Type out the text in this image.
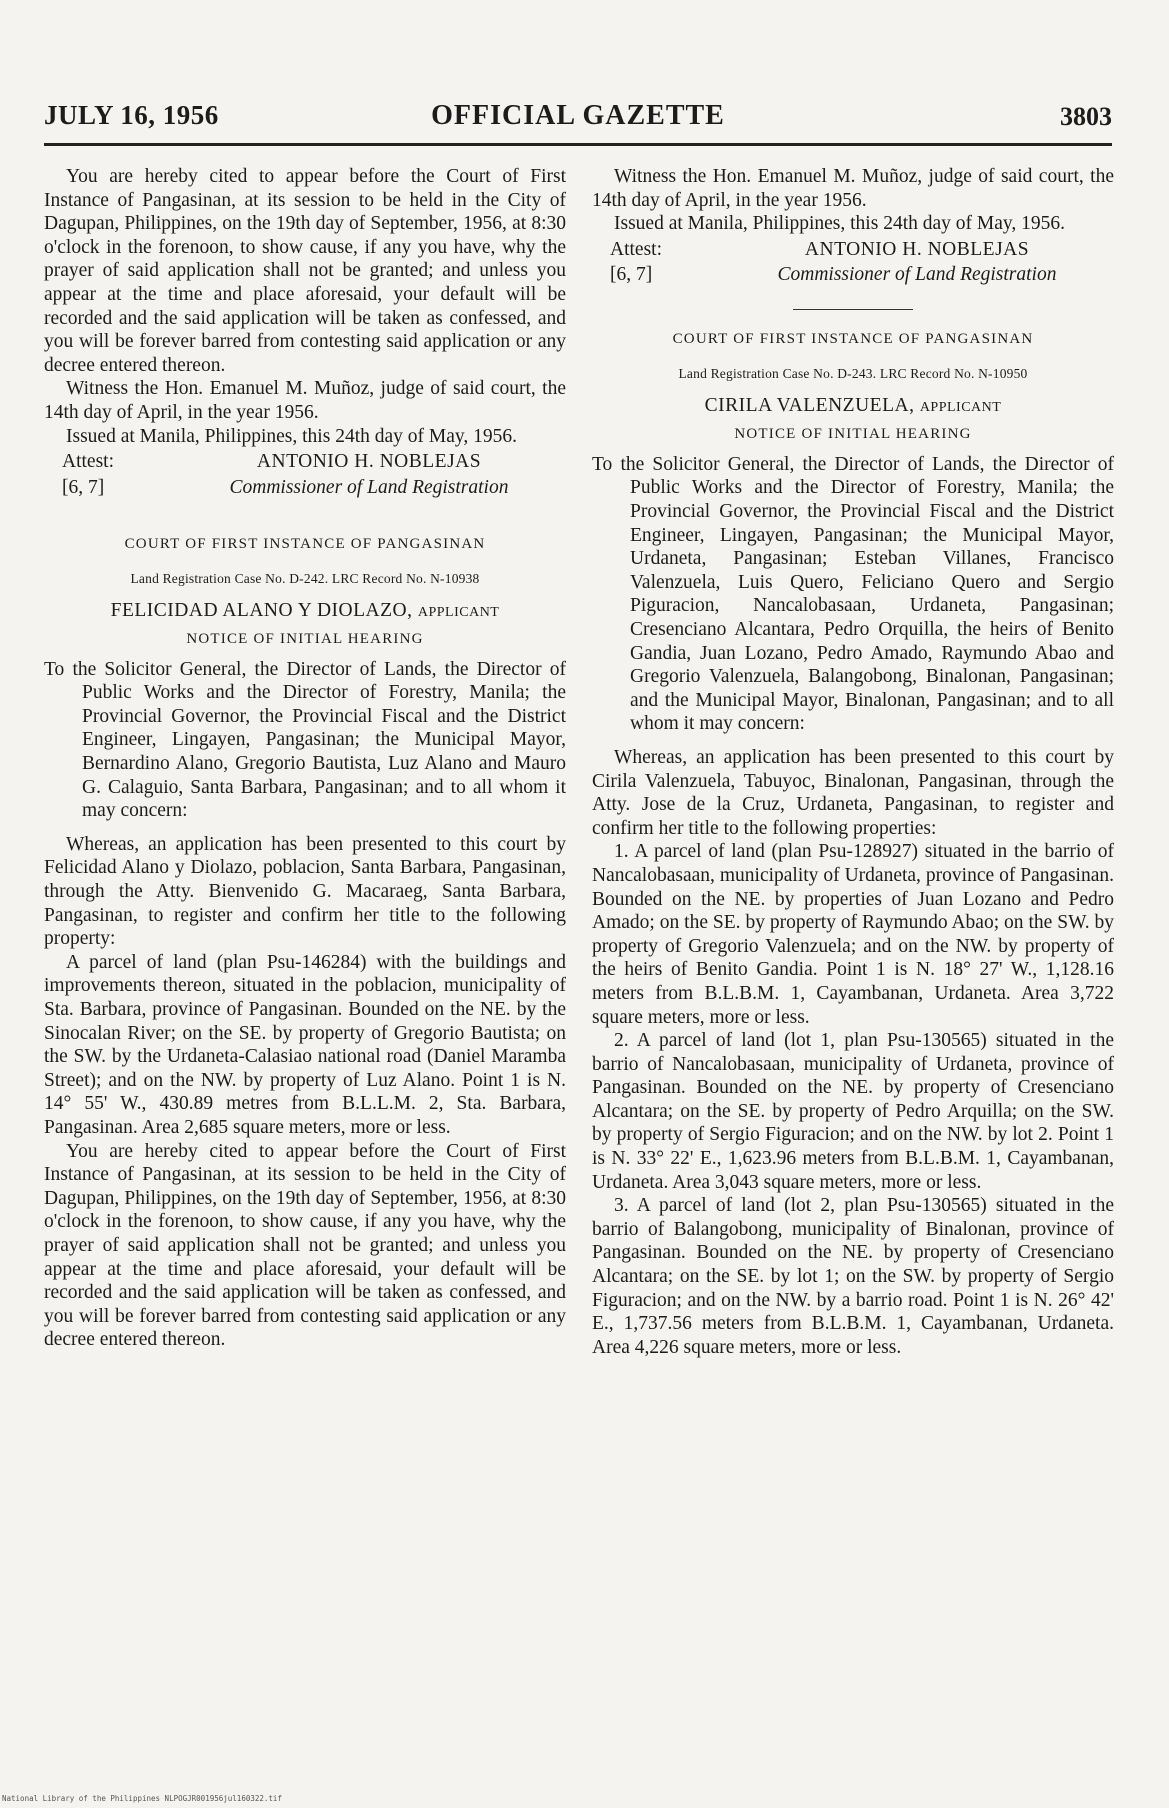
JULY 16, 1956	OFFICIAL GAZETTE	3803

You are hereby cited to appear before the Court of First Instance of Pangasinan, at its session to be held in the City of Dagupan, Philippines, on the 19th day of September, 1956, at 8:30 o'clock in the forenoon, to show cause, if any you have, why the prayer of said application shall not be granted; and unless you appear at the time and place aforesaid, your default will be recorded and the said application will be taken as confessed, and you will be forever barred from contesting said application or any decree entered thereon.

Witness the Hon. Emanuel M. Muñoz, judge of said court, the 14th day of April, in the year 1956.

Issued at Manila, Philippines, this 24th day of May, 1956.

Attest:	ANTONIO H. NOBLEJAS
[6, 7]	Commissioner of Land Registration
COURT OF FIRST INSTANCE OF PANGASINAN
Land Registration Case No. D-242. LRC Record No. N-10938
FELICIDAD ALANO Y DIOLAZO, applicant
NOTICE OF INITIAL HEARING

To the Solicitor General, the Director of Lands, the Director of Public Works and the Director of Forestry, Manila; the Provincial Governor, the Provincial Fiscal and the District Engineer, Lingayen, Pangasinan; the Municipal Mayor, Bernardino Alano, Gregorio Bautista, Luz Alano and Mauro G. Calaguio, Santa Barbara, Pangasinan; and to all whom it may concern:

Whereas, an application has been presented to this court by Felicidad Alano y Diolazo, poblacion, Santa Barbara, Pangasinan, through the Atty. Bienvenido G. Macaraeg, Santa Barbara, Pangasinan, to register and confirm her title to the following property:

A parcel of land (plan Psu-146284) with the buildings and improvements thereon, situated in the poblacion, municipality of Sta. Barbara, province of Pangasinan. Bounded on the NE. by the Sinocalan River; on the SE. by property of Gregorio Bautista; on the SW. by the Urdaneta-Calasiao national road (Daniel Maramba Street); and on the NW. by property of Luz Alano. Point 1 is N. 14° 55' W., 430.89 metres from B.L.L.M. 2, Sta. Barbara, Pangasinan. Area 2,685 square meters, more or less.

You are hereby cited to appear before the Court of First Instance of Pangasinan, at its session to be held in the City of Dagupan, Philippines, on the 19th day of September, 1956, at 8:30 o'clock in the forenoon, to show cause, if any you have, why the prayer of said application shall not be granted; and unless you appear at the time and place aforesaid, your default will be recorded and the said application will be taken as confessed, and you will be forever barred from contesting said application or any decree entered thereon.

Witness the Hon. Emanuel M. Muñoz, judge of said court, the 14th day of April, in the year 1956.

Issued at Manila, Philippines, this 24th day of May, 1956.

Attest:	ANTONIO H. NOBLEJAS
[6, 7]	Commissioner of Land Registration
COURT OF FIRST INSTANCE OF PANGASINAN
Land Registration Case No. D-243. LRC Record No. N-10950
CIRILA VALENZUELA, applicant
NOTICE OF INITIAL HEARING

To the Solicitor General, the Director of Lands, the Director of Public Works and the Director of Forestry, Manila; the Provincial Governor, the Provincial Fiscal and the District Engineer, Lingayen, Pangasinan; the Municipal Mayor, Urdaneta, Pangasinan; Esteban Villanes, Francisco Valenzuela, Luis Quero, Feliciano Quero and Sergio Piguracion, Nancalobasaan, Urdaneta, Pangasinan; Cresenciano Alcantara, Pedro Orquilla, the heirs of Benito Gandia, Juan Lozano, Pedro Amado, Raymundo Abao and Gregorio Valenzuela, Balangobong, Binalonan, Pangasinan; and the Municipal Mayor, Binalonan, Pangasinan; and to all whom it may concern:

Whereas, an application has been presented to this court by Cirila Valenzuela, Tabuyoc, Binalonan, Pangasinan, through the Atty. Jose de la Cruz, Urdaneta, Pangasinan, to register and confirm her title to the following properties:

1. A parcel of land (plan Psu-128927) situated in the barrio of Nancalobasaan, municipality of Urdaneta, province of Pangasinan. Bounded on the NE. by properties of Juan Lozano and Pedro Amado; on the SE. by property of Raymundo Abao; on the SW. by property of Gregorio Valenzuela; and on the NW. by property of the heirs of Benito Gandia. Point 1 is N. 18° 27' W., 1,128.16 meters from B.L.B.M. 1, Cayambanan, Urdaneta. Area 3,722 square meters, more or less.

2. A parcel of land (lot 1, plan Psu-130565) situated in the barrio of Nancalobasaan, municipality of Urdaneta, province of Pangasinan. Bounded on the NE. by property of Cresenciano Alcantara; on the SE. by property of Pedro Arquilla; on the SW. by property of Sergio Figuracion; and on the NW. by lot 2. Point 1 is N. 33° 22' E., 1,623.96 meters from B.L.B.M. 1, Cayambanan, Urdaneta. Area 3,043 square meters, more or less.

3. A parcel of land (lot 2, plan Psu-130565) situated in the barrio of Balangobong, municipality of Binalonan, province of Pangasinan. Bounded on the NE. by property of Cresenciano Alcantara; on the SE. by lot 1; on the SW. by property of Sergio Figuracion; and on the NW. by a barrio road. Point 1 is N. 26° 42' E., 1,737.56 meters from B.L.B.M. 1, Cayambanan, Urdaneta. Area 4,226 square meters, more or less.

National Library of the Philippines NLPOGJR001956jul160322.tif
